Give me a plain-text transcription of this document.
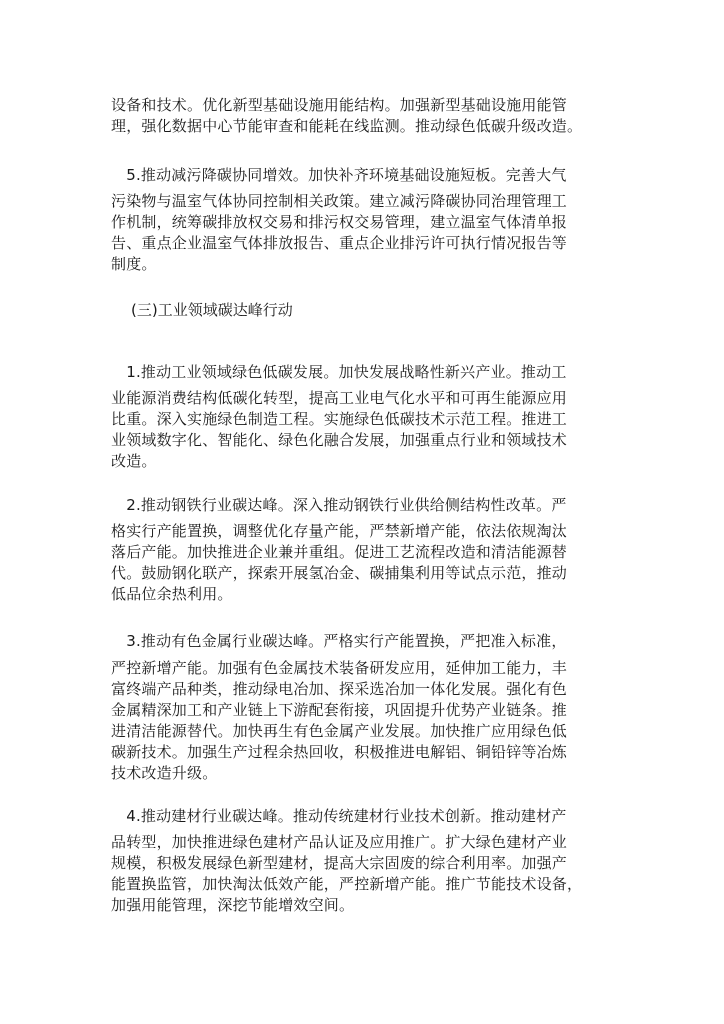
设备和技术。优化新型基础设施用能结构。加强新型基础设施用能管
理，强化数据中心节能审查和能耗在线监测。推动绿色低碳升级改造。
　5.推动减污降碳协同增效。加快补齐环境基础设施短板。完善大气
污染物与温室气体协同控制相关政策。建立减污降碳协同治理管理工
作机制，统筹碳排放权交易和排污权交易管理，建立温室气体清单报
告、重点企业温室气体排放报告、重点企业排污许可执行情况报告等
制度。
(三)工业领域碳达峰行动
　1.推动工业领域绿色低碳发展。加快发展战略性新兴产业。推动工
业能源消费结构低碳化转型，提高工业电气化水平和可再生能源应用
比重。深入实施绿色制造工程。实施绿色低碳技术示范工程。推进工
业领域数字化、智能化、绿色化融合发展，加强重点行业和领域技术
改造。
　2.推动钢铁行业碳达峰。深入推动钢铁行业供给侧结构性改革。严
格实行产能置换，调整优化存量产能，严禁新增产能，依法依规淘汰
落后产能。加快推进企业兼并重组。促进工艺流程改造和清洁能源替
代。鼓励钢化联产，探索开展氢冶金、碳捕集利用等试点示范，推动
低品位余热利用。
　3.推动有色金属行业碳达峰。严格实行产能置换，严把准入标准，
严控新增产能。加强有色金属技术装备研发应用，延伸加工能力，丰
富终端产品种类，推动绿电冶加、探采选冶加一体化发展。强化有色
金属精深加工和产业链上下游配套衔接，巩固提升优势产业链条。推
进清洁能源替代。加快再生有色金属产业发展。加快推广应用绿色低
碳新技术。加强生产过程余热回收，积极推进电解铝、铜铅锌等冶炼
技术改造升级。
　4.推动建材行业碳达峰。推动传统建材行业技术创新。推动建材产
品转型，加快推进绿色建材产品认证及应用推广。扩大绿色建材产业
规模，积极发展绿色新型建材，提高大宗固废的综合利用率。加强产
能置换监管，加快淘汰低效产能，严控新增产能。推广节能技术设备，
加强用能管理，深挖节能增效空间。
